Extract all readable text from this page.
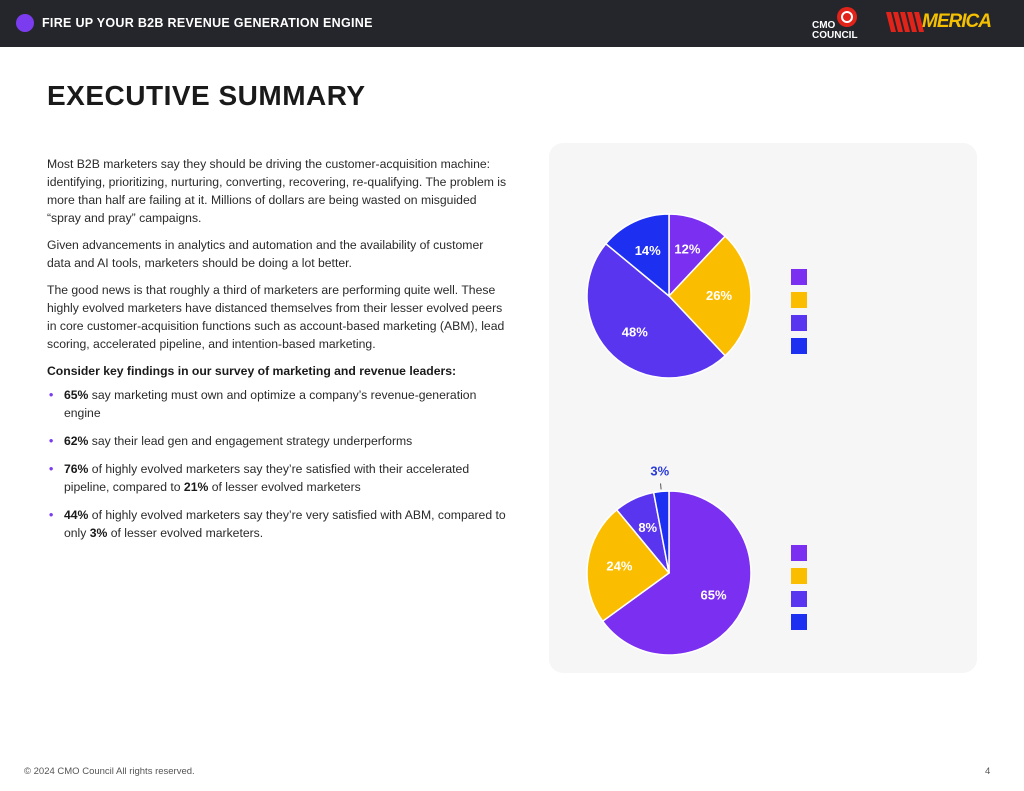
FIRE UP YOUR B2B REVENUE GENERATION ENGINE	CMO
COUNCIL
MERICA
EXECUTIVE SUMMARY

Most B2B marketers say they should be driving the customer-acquisition machine: identifying, prioritizing, nurturing, converting, recovering, re-qualifying. The problem is more than half are failing at it. Millions of dollars are being wasted on misguided “spray and pray” campaigns.

Given advancements in analytics and automation and the availability of customer data and AI tools, marketers should be doing a lot better.

The good news is that roughly a third of marketers are performing quite well. These highly evolved marketers have distanced themselves from their lesser evolved peers in core customer-acquisition functions such as account-based marketing (ABM), lead scoring, accelerated pipeline, and intention-based marketing.

Consider key findings in our survey of marketing and revenue leaders:

• 65% say marketing must own and optimize a company’s revenue-generation engine
• 62% say their lead gen and engagement strategy underperforms
• 76% of highly evolved marketers say they’re satisfied with their accelerated pipeline, compared to 21% of lesser evolved marketers
• 44% of highly evolved marketers say they’re very satisfied with ABM, compared to only 3% of lesser evolved marketers.
12%
26%
48%
14%
65%
24%
8%
3%
© 2024 CMO Council All rights reserved.	4
